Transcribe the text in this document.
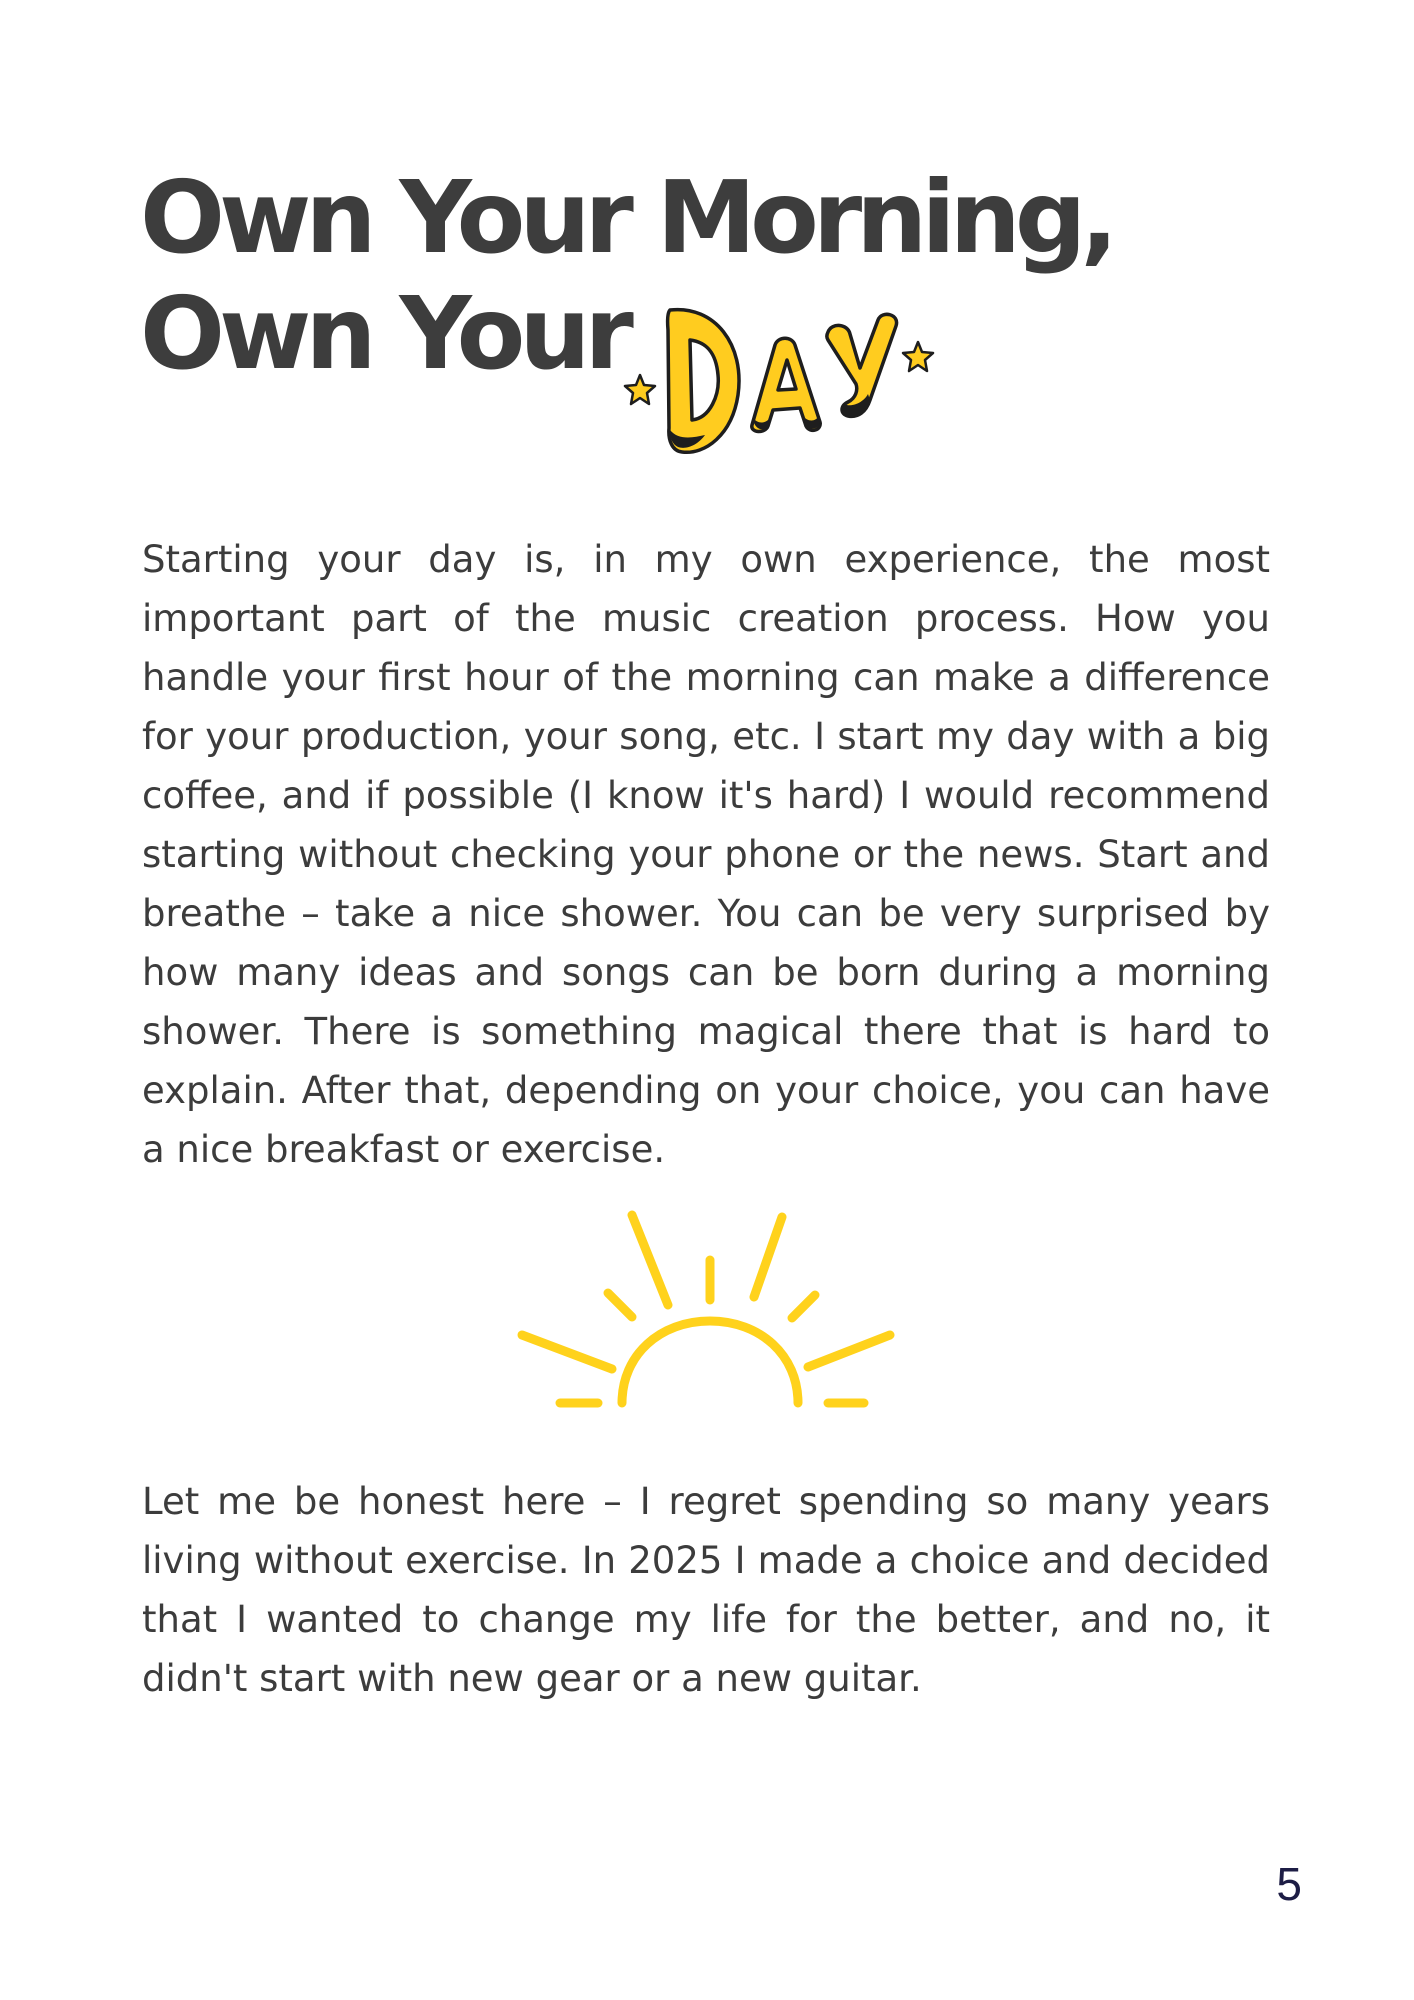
Own Your Morning,
Own Your

Starting your day is, in my own experience, the most important part of the music creation process. How you handle your first hour of the morning can make a difference for your production, your song, etc. I start my day with a big coffee, and if possible (I know it's hard) I would recommend starting without checking your phone or the news. Start and breathe – take a nice shower. You can be very surprised by how many ideas and songs can be born during a morning shower. There is something magical there that is hard to explain. After that, depending on your choice, you can have a nice breakfast or exercise.

Let me be honest here – I regret spending so many years living without exercise. In 2025 I made a choice and decided that I wanted to change my life for the better, and no, it didn't start with new gear or a new guitar.

5
